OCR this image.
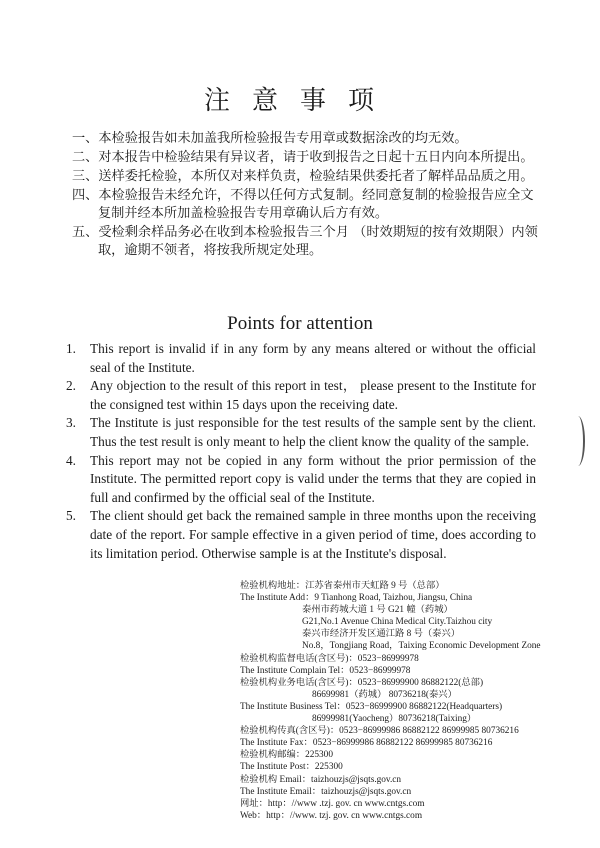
注意事项
一、本检验报告如未加盖我所检验报告专用章或数据涂改的均无效。
二、对本报告中检验结果有异议者，请于收到报告之日起十五日内向本所提出。
三、送样委托检验，本所仅对来样负责，检验结果供委托者了解样品品质之用。
四、本检验报告未经允许，不得以任何方式复制。经同意复制的检验报告应全文
复制并经本所加盖检验报告专用章确认后方有效。
五、受检剩余样品务必在收到本检验报告三个月 （时效期短的按有效期限）内领
取，逾期不领者，将按我所规定处理。
Points for attention
1.	This report is invalid if in any form by any means altered or without the official seal of the Institute.
2.	Any objection to the result of this report in test， please present to the Institute for the consigned test within 15 days upon the receiving date.
3.	The Institute is just responsible for the test results of the sample sent by the client. Thus the test result is only meant to help the client know the quality of the sample.
4.	This report may not be copied in any form without the prior permission of the Institute. The permitted report copy is valid under the terms that they are copied in full and confirmed by the official seal of the Institute.
5.	The client should get back the remained sample in three months upon the receiving date of the report. For sample effective in a given period of time, does according to its limitation period. Otherwise sample is at the Institute's disposal.
检验机构地址：江苏省泰州市天虹路 9 号（总部）
The Institute Add：9 Tianhong Road, Taizhou, Jiangsu, China
泰州市药城大道 1 号 G21 幢（药城）
G21,No.1 Avenue China Medical City.Taizhou city
泰兴市经济开发区通江路 8 号（泰兴）
No.8，Tongjiang Road，Taixing Economic Development Zone
检验机构监督电话(含区号)：0523−86999978
The Institute Complain Tel：0523−86999978
检验机构业务电话(含区号)：0523−86999900 86882122(总部)
86699981（药城） 80736218(泰兴）
The Institute Business Tel：0523−86999900 86882122(Headquarters)
86999981(Yaocheng）80736218(Taixing）
检验机构传真(含区号)：0523−86999986 86882122 86999985 80736216
The Institute Fax：0523−86999986 86882122 86999985 80736216
检验机构邮编：225300
The Institute Post：225300
检验机构 Email：taizhouzjs@jsqts.gov.cn
The Institute Email：taizhouzjs@jsqts.gov.cn
网址：http：//www .tzj. gov. cn www.cntgs.com
Web：http：//www. tzj. gov. cn www.cntgs.com
